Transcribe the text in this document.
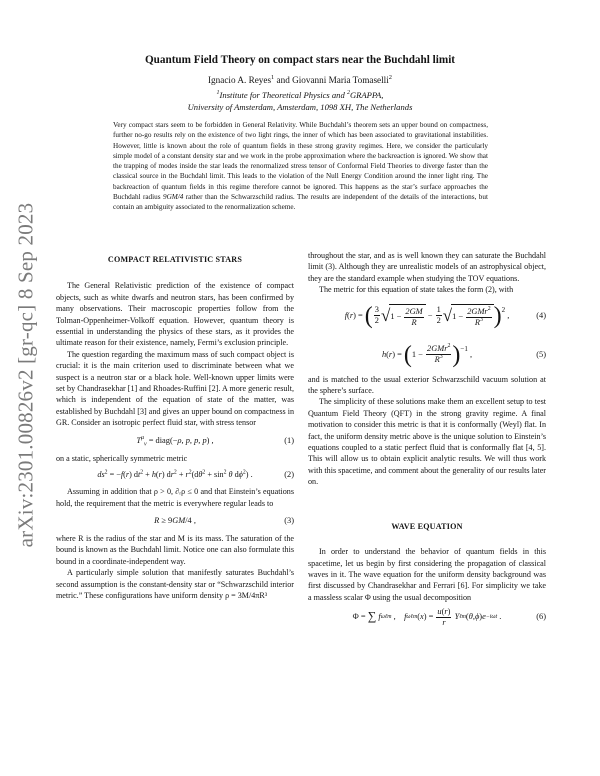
arXiv:2301.00826v2 [gr-qc] 8 Sep 2023
Quantum Field Theory on compact stars near the Buchdahl limit
Ignacio A. Reyes$^1$ and Giovanni Maria Tomaselli$^2$
$^1$Institute for Theoretical Physics and $^2$GRAPPA,
University of Amsterdam, Amsterdam, 1098 XH, The Netherlands

Very compact stars seem to be forbidden in General Relativity. While Buchdahl’s theorem sets an upper bound on compactness, further no-go results rely on the existence of two light rings, the inner of which has been associated to gravitational instabilities. However, little is known about the role of quantum fields in these strong gravity regimes. Here, we consider the particularly simple model of a constant density star and we work in the probe approximation where the backreaction is ignored. We show that the trapping of modes inside the star leads the renormalized stress tensor of Conformal Field Theories to diverge faster than the classical source in the Buchdahl limit. This leads to the violation of the Null Energy Condition around the inner light ring. The backreaction of quantum fields in this regime therefore cannot be ignored. This happens as the star’s surface approaches the Buchdahl radius 9GM/4 rather than the Schwarzschild radius. The results are independent of the details of the interactions, but contain an ambiguity associated to the renormalization scheme.

COMPACT RELATIVISTIC STARS

The General Relativistic prediction of the existence of compact objects, such as white dwarfs and neutron stars, has been confirmed by many observations. Their macroscopic properties follow from the Tolman-Oppenheimer-Volkoff equation. However, quantum theory is essential in understanding the physics of these stars, as it provides the ultimate reason for their existence, namely, Fermi’s exclusion principle.

The question regarding the maximum mass of such compact object is crucial: it is the main criterion used to discriminate between what we suspect is a neutron star or a black hole. Well-known upper limits were set by Chandrasekhar [1] and Rhoades-Ruffini [2]. A more generic result, which is independent of the equation of state of the matter, was established by Buchdahl [3] and gives an upper bound on compactness in GR. Consider an isotropic perfect fluid star, with stress tensor

$T^\mu_\nu$ = diag(−ρ, p, p, p) ,	(1)

on a static, spherically symmetric metric

$ds^2 = -f(r) dt^2 + h(r) dr^2 + r^2(d\theta^2 + \sin^2 \theta$ $d\phi^2$) .	(2)

Assuming in addition that ρ > 0, ∂ᵣρ ≤ 0 and that Einstein’s equations hold, the requirement that the metric is everywhere regular leads to

R ≥ 9GM/4 ,	(3)

where R is the radius of the star and M is its mass. The saturation of the bound is known as the Buchdahl limit. Notice one can also formulate this bound in a coordinate-independent way.

A particularly simple solution that manifestly saturates Buchdahl’s second assumption is the constant-density star or “Schwarzschild interior metric.” These configurations have uniform density ρ = 3M/4πR³

throughout the star, and as is well known they can saturate the Buchdahl limit (3). Although they are unrealistic models of an astrophysical object, they are the standard example when studying the TOV equations.

The metric for this equation of state takes the form (2), with

f ( r ) = ( $\frac{3}{2}$ √ $1 - \frac{2GM}{R} - \frac{1}{2}$ √ $1 - \frac{2GMr^2}{R^3}$ ) 2
,	(4)
h ( r ) = ( $1 - \frac{2GMr^2}{R^3}$ ) −1
,	(5)

and is matched to the usual exterior Schwarzschild vacuum solution at the sphere’s surface.

The simplicity of these solutions make them an excellent setup to test Quantum Field Theory (QFT) in the strong gravity regime. A final motivation to consider this metric is that it is conformally (Weyl) flat. In fact, the uniform density metric above is the unique solution to Einstein’s equations coupled to a static perfect fluid that is conformally flat [4, 5]. This will allow us to obtain explicit analytic results. We will thus work with this spacetime, and comment about the generality of our results later on.

WAVE EQUATION

In order to understand the behavior of quantum fields in this spacetime, let us begin by first considering the propagation of classical waves in it. The wave equation for the uniform density background was first discussed by Chandrasekhar and Ferrari [6]. For simplicity we take a massless scalar Φ using the usual decomposition

Φ = ∑ f ωℓm , f ωℓm ( x ) = $\frac{u(r)}{r}$ Y ℓm ( θ , ϕ ) e −iωt .	(6)
